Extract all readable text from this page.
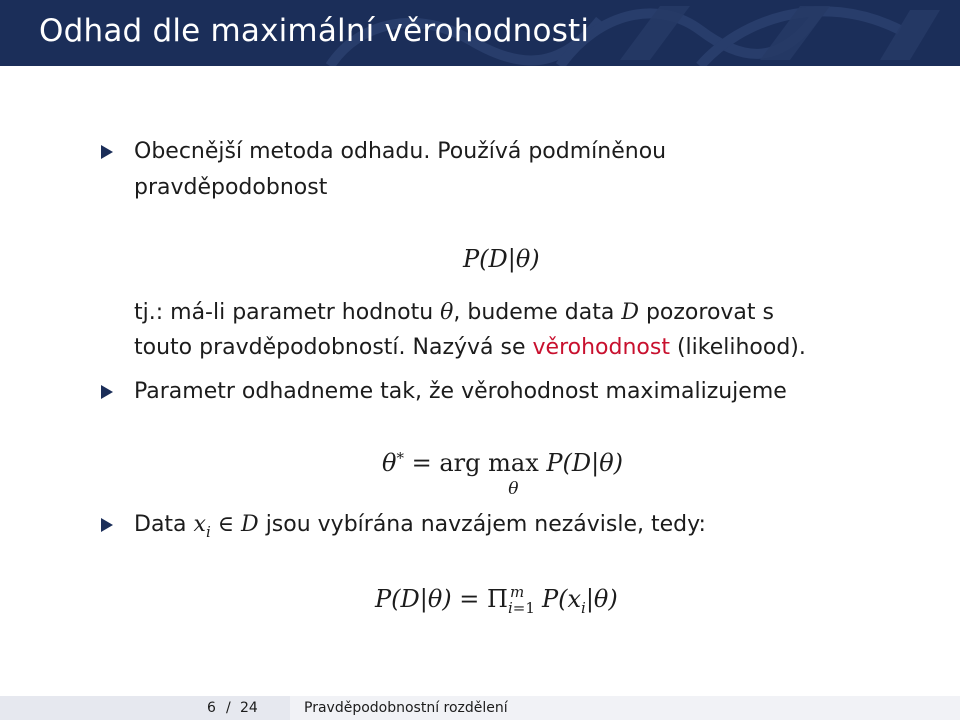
Odhad dle maximální věrohodnosti
Obecnější metoda odhadu. Používá podmíněnou
pravděpodobnost
P(D|θ)
tj.: má-li parametr hodnotu θ, budeme data D pozorovat s
touto pravděpodobností. Nazývá se věrohodnost (likelihood).
Parametr odhadneme tak, že věrohodnost maximalizujeme
θ* = arg max
θ
P(D|θ)
Data $x_i$ ∈ D jsou vybírána navzájem nezávisle, tedy:
P(D|θ) = Π m
i=1 $P(x_i|\theta)$
6 / 24	Pravděpodobnostní rozdělení
